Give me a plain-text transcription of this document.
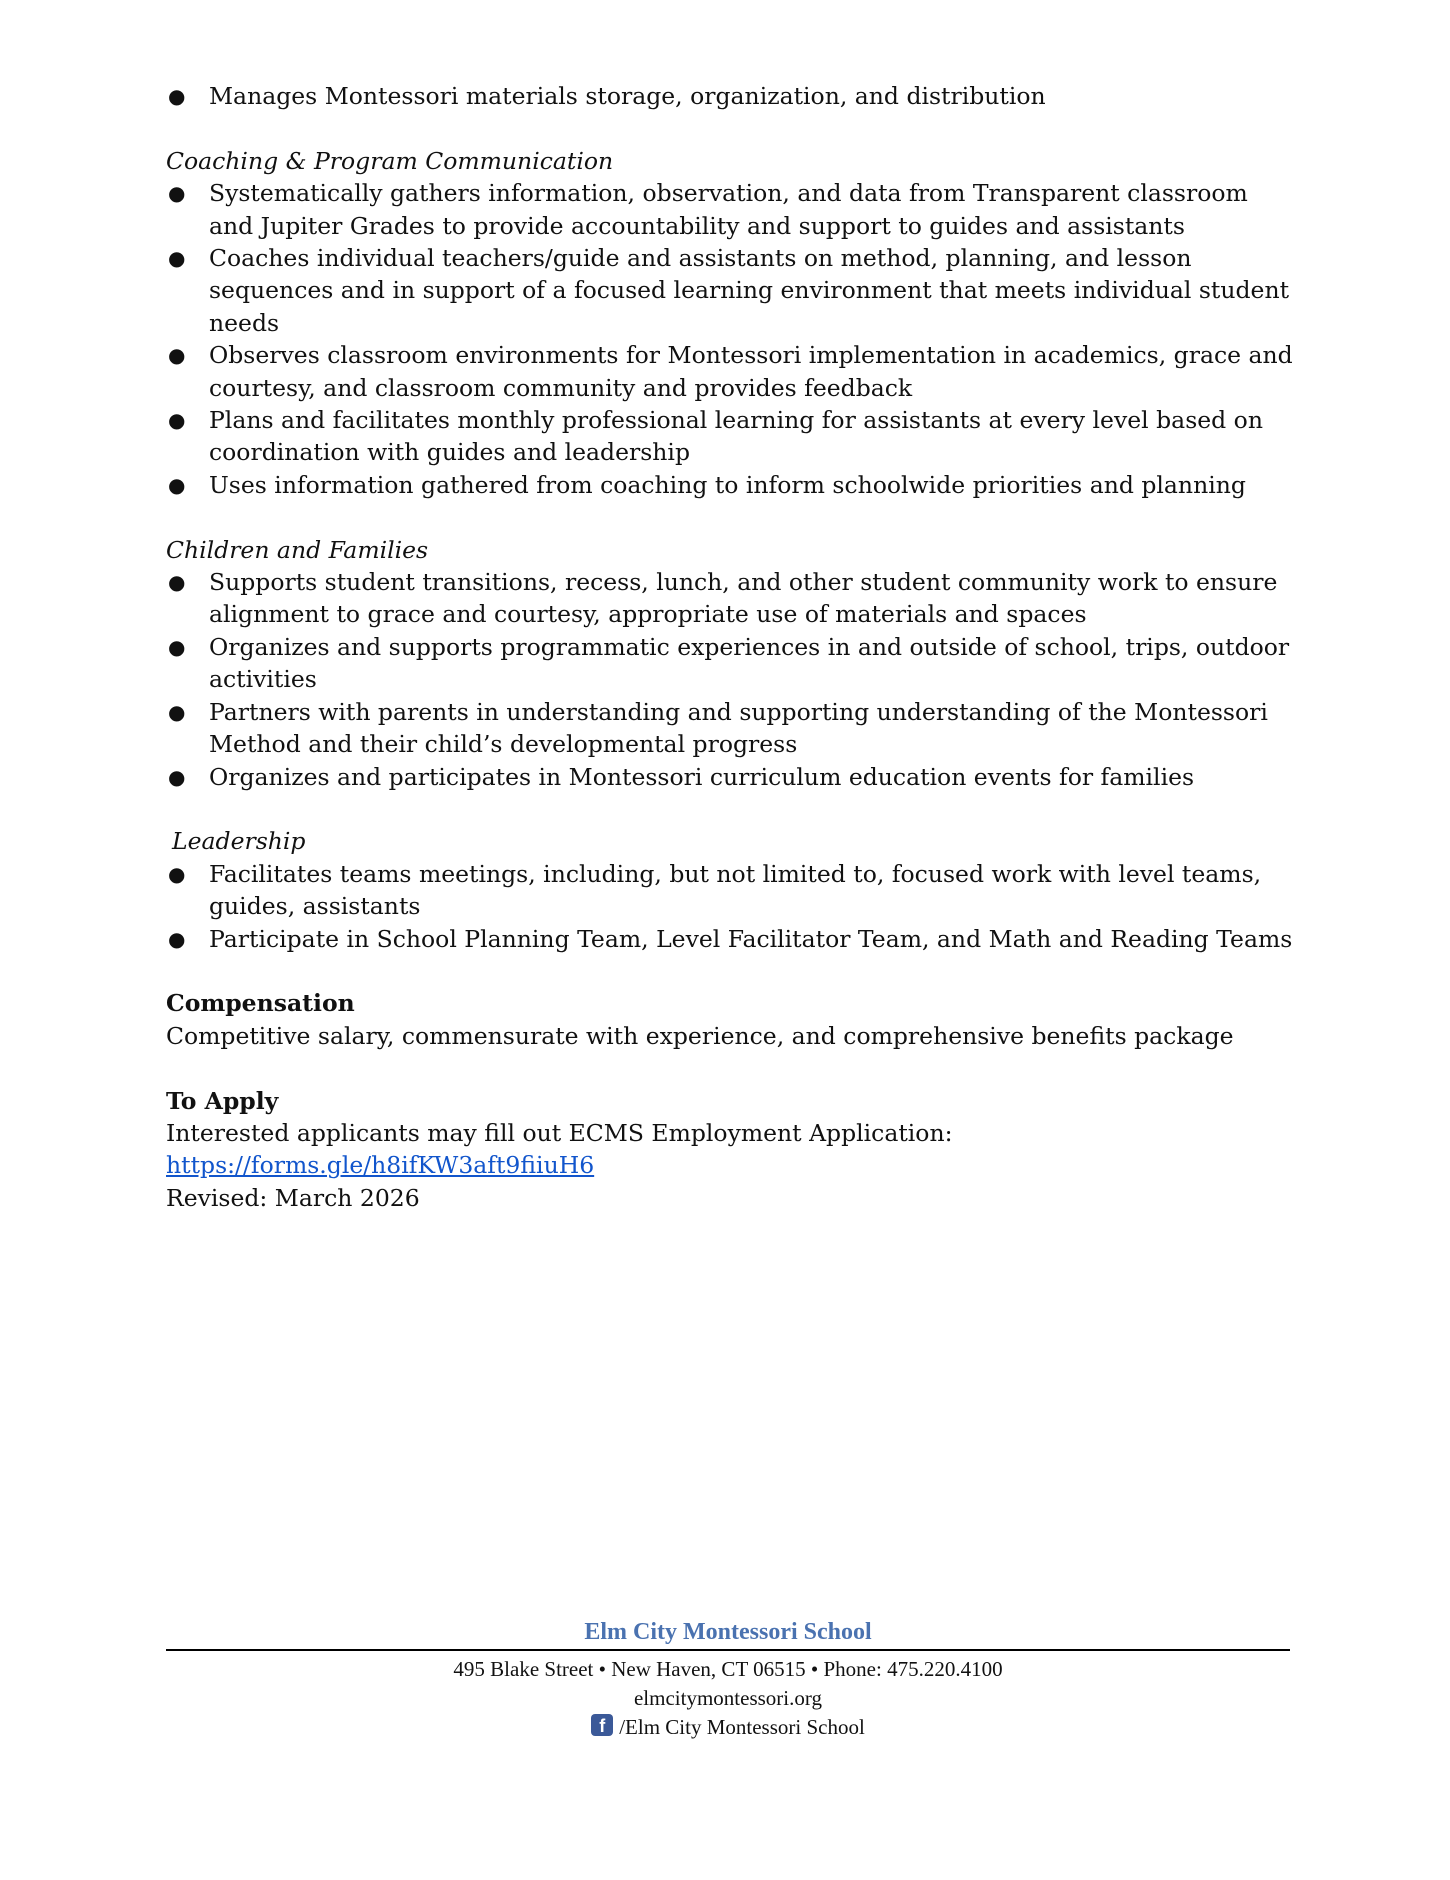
● Manages Montessori materials storage, organization, and distribution

Coaching & Program Communication

● Systematically gathers information, observation, and data from Transparent classroom and Jupiter Grades to provide accountability and support to guides and assistants
● Coaches individual teachers/guide and assistants on method, planning, and lesson sequences and in support of a focused learning environment that meets individual student needs
● Observes classroom environments for Montessori implementation in academics, grace and courtesy, and classroom community and provides feedback
● Plans and facilitates monthly professional learning for assistants at every level based on coordination with guides and leadership
● Uses information gathered from coaching to inform schoolwide priorities and planning

Children and Families

● Supports student transitions, recess, lunch, and other student community work to ensure alignment to grace and courtesy, appropriate use of materials and spaces
● Organizes and supports programmatic experiences in and outside of school, trips, outdoor activities
● Partners with parents in understanding and supporting understanding of the Montessori Method and their child’s developmental progress
● Organizes and participates in Montessori curriculum education events for families

Leadership

● Facilitates teams meetings, including, but not limited to, focused work with level teams, guides, assistants
● Participate in School Planning Team, Level Facilitator Team, and Math and Reading Teams

Compensation

Competitive salary, commensurate with experience, and comprehensive benefits package

To Apply

Interested applicants may fill out ECMS Employment Application:

https://forms.gle/h8ifKW3aft9fiiuH6

Revised: March 2026

Elm City Montessori School

495 Blake Street • New Haven, CT 06515 • Phone: 475.220.4100

elmcitymontessori.org

f /Elm City Montessori School
